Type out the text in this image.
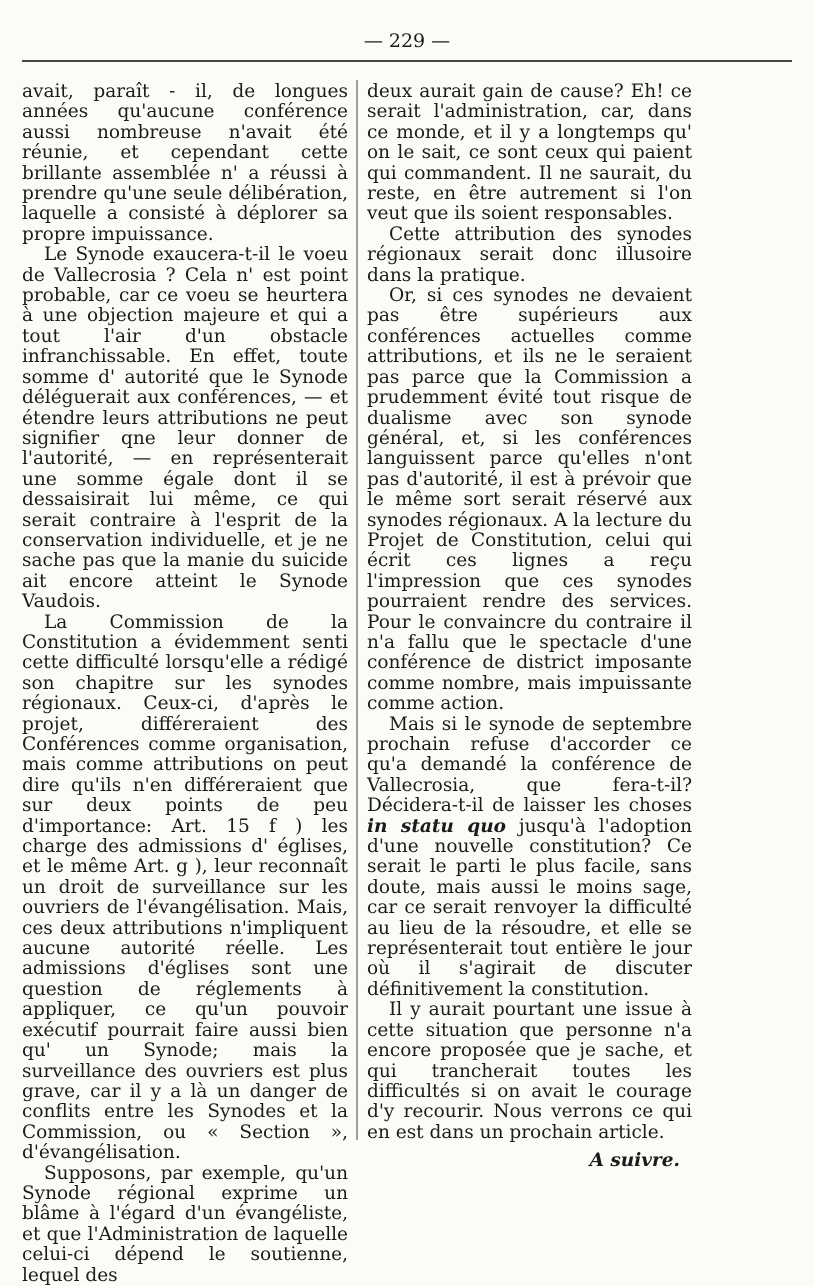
— 229 —

avait, paraît - il, de longues années qu'aucune conférence aussi nombreuse n'avait été réunie, et cependant cette brillante assemblée n' a réussi à prendre qu'une seule délibération, laquelle a consisté à déplorer sa propre impuissance.

Le Synode exaucera-t-il le voeu de Vallecrosia ? Cela n' est point probable, car ce voeu se heurtera à une objection majeure et qui a tout l'air d'un obstacle infranchissable. En effet, toute somme d' autorité que le Synode déléguerait aux conférences, — et étendre leurs attributions ne peut signifier qne leur donner de l'autorité, — en représenterait une somme égale dont il se dessaisirait lui même, ce qui serait contraire à l'esprit de la conservation individuelle, et je ne sache pas que la manie du suicide ait encore atteint le Synode Vaudois.

La Commission de la Constitution a évidemment senti cette difficulté lorsqu'elle a rédigé son chapitre sur les synodes régionaux. Ceux-ci, d'après le projet, différeraient des Conférences comme organisation, mais comme attributions on peut dire qu'ils n'en différeraient que sur deux points de peu d'importance: Art. 15 f ) les charge des admissions d' églises, et le même Art. g ), leur reconnaît un droit de surveillance sur les ouvriers de l'évangélisation. Mais, ces deux attributions n'impliquent aucune autorité réelle. Les admissions d'églises sont une question de réglements à appliquer, ce qu'un pouvoir exécutif pourrait faire aussi bien qu' un Synode; mais la surveillance des ouvriers est plus grave, car il y a là un danger de conflits entre les Synodes et la Commission, ou « Section », d'évangélisation.

Supposons, par exemple, qu'un Synode régional exprime un blâme à l'égard d'un évangéliste, et que l'Administration de laquelle celui-ci dépend le soutienne, lequel des

deux aurait gain de cause? Eh! ce serait l'administration, car, dans ce monde, et il y a longtemps qu' on le sait, ce sont ceux qui paient qui commandent. Il ne saurait, du reste, en être autrement si l'on veut que ils soient responsables.

Cette attribution des synodes régionaux serait donc illusoire dans la pratique.

Or, si ces synodes ne devaient pas être supérieurs aux conférences actuelles comme attributions, et ils ne le seraient pas parce que la Commission a prudemment évité tout risque de dualisme avec son synode général, et, si les conférences languissent parce qu'elles n'ont pas d'autorité, il est à prévoir que le même sort serait réservé aux synodes régionaux. A la lecture du Projet de Constitution, celui qui écrit ces lignes a reçu l'impression que ces synodes pourraient rendre des services. Pour le convaincre du contraire il n'a fallu que le spectacle d'une conférence de district imposante comme nombre, mais impuissante comme action.

Mais si le synode de septembre prochain refuse d'accorder ce qu'a demandé la conférence de Vallecrosia, que fera-t-il? Décidera-t-il de laisser les choses in statu quo jusqu'à l'adoption d'une nouvelle constitution? Ce serait le parti le plus facile, sans doute, mais aussi le moins sage, car ce serait renvoyer la difficulté au lieu de la résoudre, et elle se représenterait tout entière le jour où il s'agirait de discuter définitivement la constitution.

Il y aurait pourtant une issue à cette situation que personne n'a encore proposée que je sache, et qui trancherait toutes les difficultés si on avait le courage d'y recourir. Nous verrons ce qui en est dans un prochain article.

A suivre.
